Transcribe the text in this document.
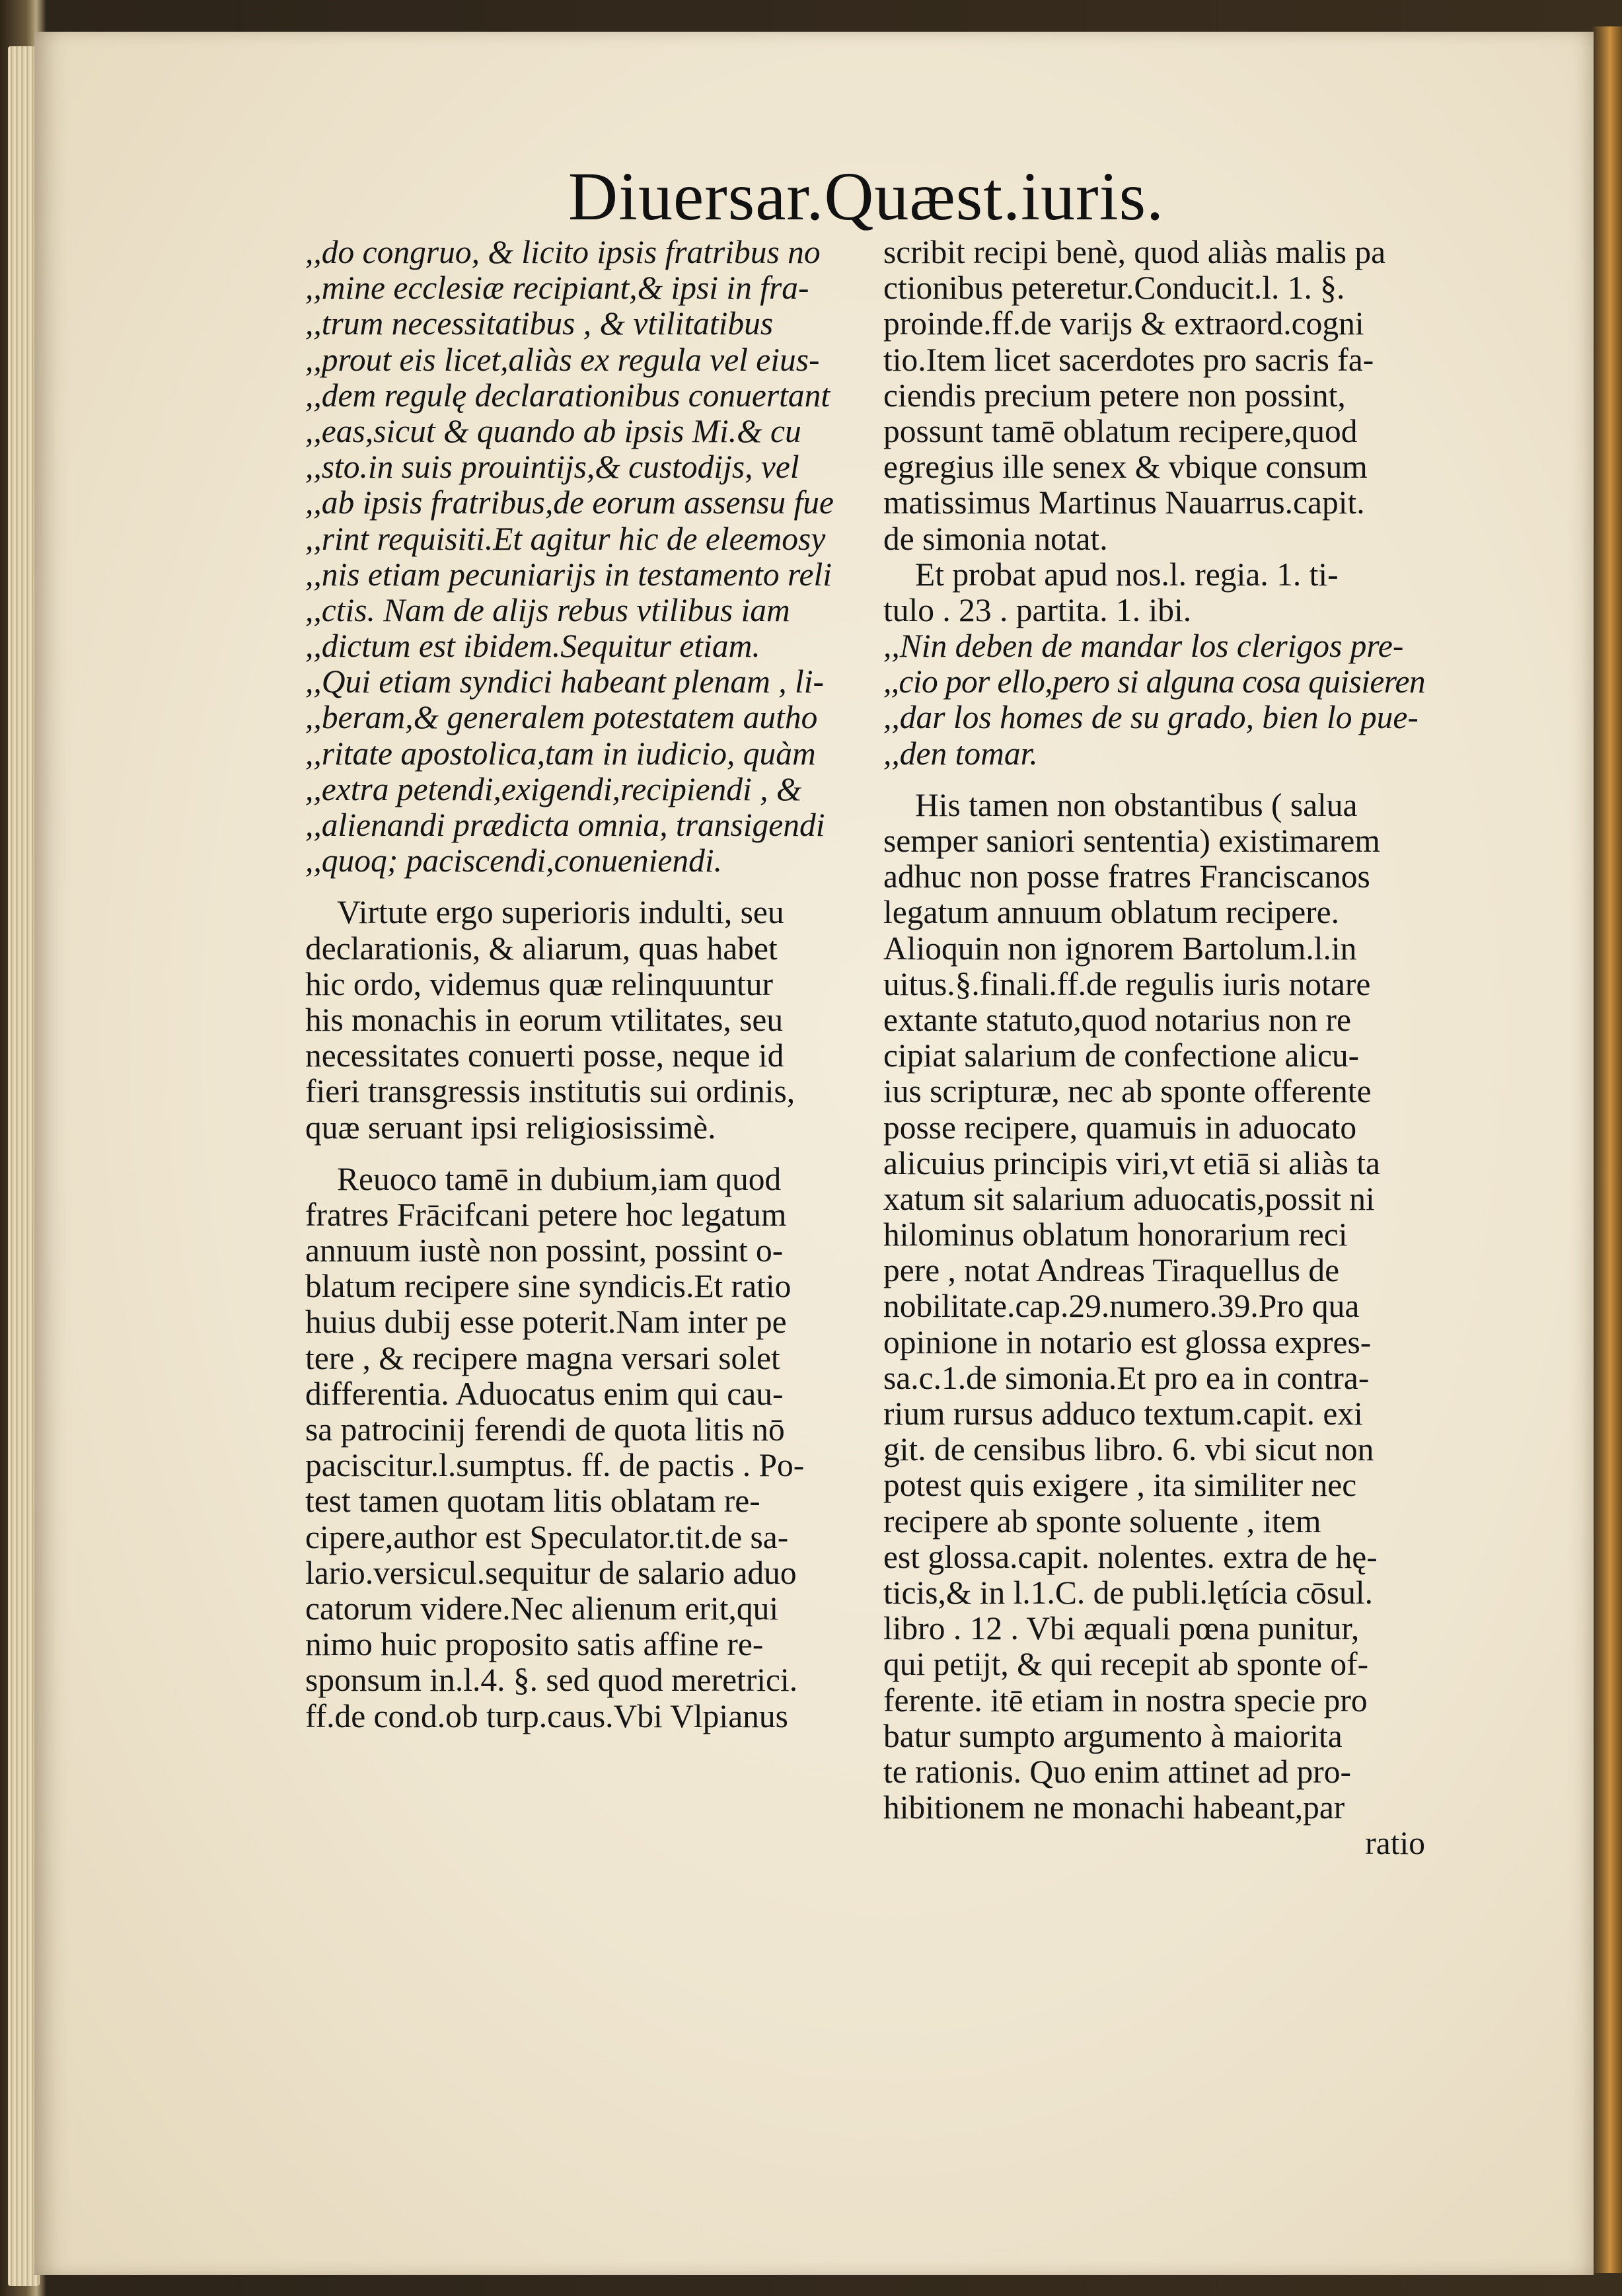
Diuersar.Quæst.iuris.
,,do congruo, & licito ipsis fratribus no
,,mine ecclesiæ recipiant,& ipsi in fra-
,,trum necessitatibus , & vtilitatibus
,,prout eis licet,aliàs ex regula vel eius-
,,dem regulę declarationibus conuertant
,,eas,sicut & quando ab ipsis Mi.& cu
,,sto.in suis prouintijs,& custodijs, vel
,,ab ipsis fratribus,de eorum assensu fue
,,rint requisiti.Et agitur hic de eleemosy
,,nis etiam pecuniarijs in testamento reli
,,ctis. Nam de alijs rebus vtilibus iam
,,dictum est ibidem.Sequitur etiam.
,,Qui etiam syndici habeant plenam , li-
,,beram,& generalem potestatem autho
,,ritate apostolica,tam in iudicio, quàm
,,extra petendi,exigendi,recipiendi , &
,,alienandi prædicta omnia, transigendi
,,quoq; paciscendi,conueniendi.
Virtute ergo superioris indulti, seu
declarationis, & aliarum, quas habet
hic ordo, videmus quæ relinquuntur
his monachis in eorum vtilitates, seu
necessitates conuerti posse, neque id
fieri transgressis institutis sui ordinis,
quæ seruant ipsi religiosissimè.
Reuoco tamē in dubium,iam quod
fratres Frācifcani petere hoc legatum
annuum iustè non possint, possint o-
blatum recipere sine syndicis.Et ratio
huius dubij esse poterit.Nam inter pe
tere , & recipere magna versari solet
differentia. Aduocatus enim qui cau-
sa patrocinij ferendi de quota litis nō
paciscitur.l.sumptus. ff. de pactis . Po-
test tamen quotam litis oblatam re-
cipere,author est Speculator.tit.de sa-
lario.versicul.sequitur de salario aduo
catorum videre.Nec alienum erit,qui
nimo huic proposito satis affine re-
sponsum in.l.4. §. sed quod meretrici.
ff.de cond.ob turp.caus.Vbi Vlpianus
scribit recipi benè, quod aliàs malis pa
ctionibus peteretur.Conducit.l. 1. §.
proinde.ff.de varijs & extraord.cogni
tio.Item licet sacerdotes pro sacris fa-
ciendis precium petere non possint,
possunt tamē oblatum recipere,quod
egregius ille senex & vbique consum
matissimus Martinus Nauarrus.capit.
de simonia notat.
Et probat apud nos.l. regia. 1. ti-
tulo . 23 . partita. 1. ibi.
,,Nin deben de mandar los clerigos pre-
,,cio por ello,pero si alguna cosa quisieren
,,dar los homes de su grado, bien lo pue-
,,den tomar.
His tamen non obstantibus ( salua
semper saniori sententia) existimarem
adhuc non posse fratres Franciscanos
legatum annuum oblatum recipere.
Alioquin non ignorem Bartolum.l.in
uitus.§.finali.ff.de regulis iuris notare
extante statuto,quod notarius non re
cipiat salarium de confectione alicu-
ius scripturæ, nec ab sponte offerente
posse recipere, quamuis in aduocato
alicuius principis viri,vt etiā si aliàs ta
xatum sit salarium aduocatis,possit ni
hilominus oblatum honorarium reci
pere , notat Andreas Tiraquellus de
nobilitate.cap.29.numero.39.Pro qua
opinione in notario est glossa expres-
sa.c.1.de simonia.Et pro ea in contra-
rium rursus adduco textum.capit. exi
git. de censibus libro. 6. vbi sicut non
potest quis exigere , ita similiter nec
recipere ab sponte soluente , item
est glossa.capit. nolentes. extra de hę-
ticis,& in l.1.C. de publi.lętícia cōsul.
libro . 12 . Vbi æquali pœna punitur,
qui petijt, & qui recepit ab sponte of-
ferente. itē etiam in nostra specie pro
batur sumpto argumento à maiorita
te rationis. Quo enim attinet ad pro-
hibitionem ne monachi habeant,par
ratio
